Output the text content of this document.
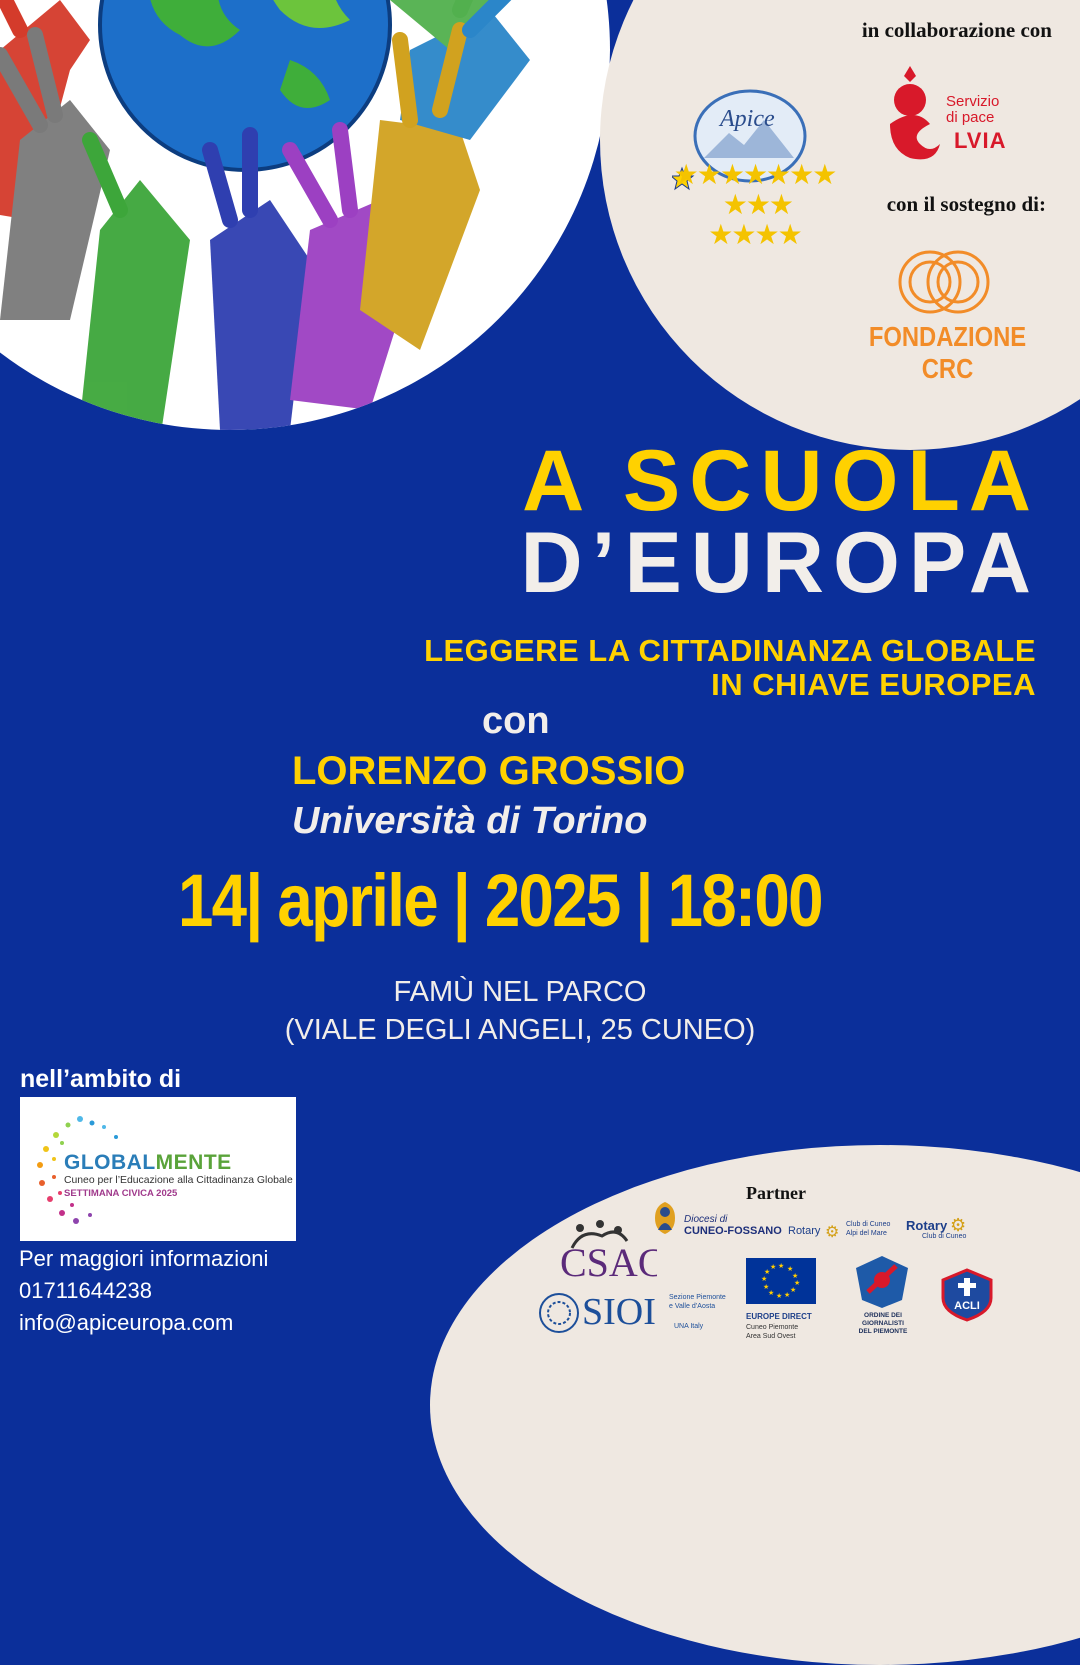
in collaborazione con
Apice
★★★★★★★
★★★
★★★★
Servizio
di pace
LVIA
con il sostegno di:
FONDAZIONE CRC
A SCUOLA
D’EUROPA
LEGGERE LA CITTADINANZA GLOBALE
IN CHIAVE EUROPEA
con
LORENZO GROSSIO
Università di Torino
14| aprile | 2025 | 18:00
FAMÙ NEL PARCO
(VIALE DEGLI ANGELI, 25 CUNEO)
nell’ambito di
GLOBALMENTE
Cuneo per l’Educazione alla Cittadinanza Globale
SETTIMANA CIVICA 2025
Per maggiori informazioni
01711644238
info@apiceuropa.com
Partner
Diocesi di
CUNEO-FOSSANO Rotary ⚙ Club di Cuneo
Alpi del Mare
Rotary ⚙
Club di Cuneo
CSAC
SIOI Sezione Piemonte
e Valle d’Aosta
UNA Italy
★ ★
★
★
★
★
★
★
★
★
★
★
EUROPE DIRECT
Cuneo Piemonte
Area Sud Ovest
ORDINE DEI
GIORNALISTI
DEL PIEMONTE
ACLI
